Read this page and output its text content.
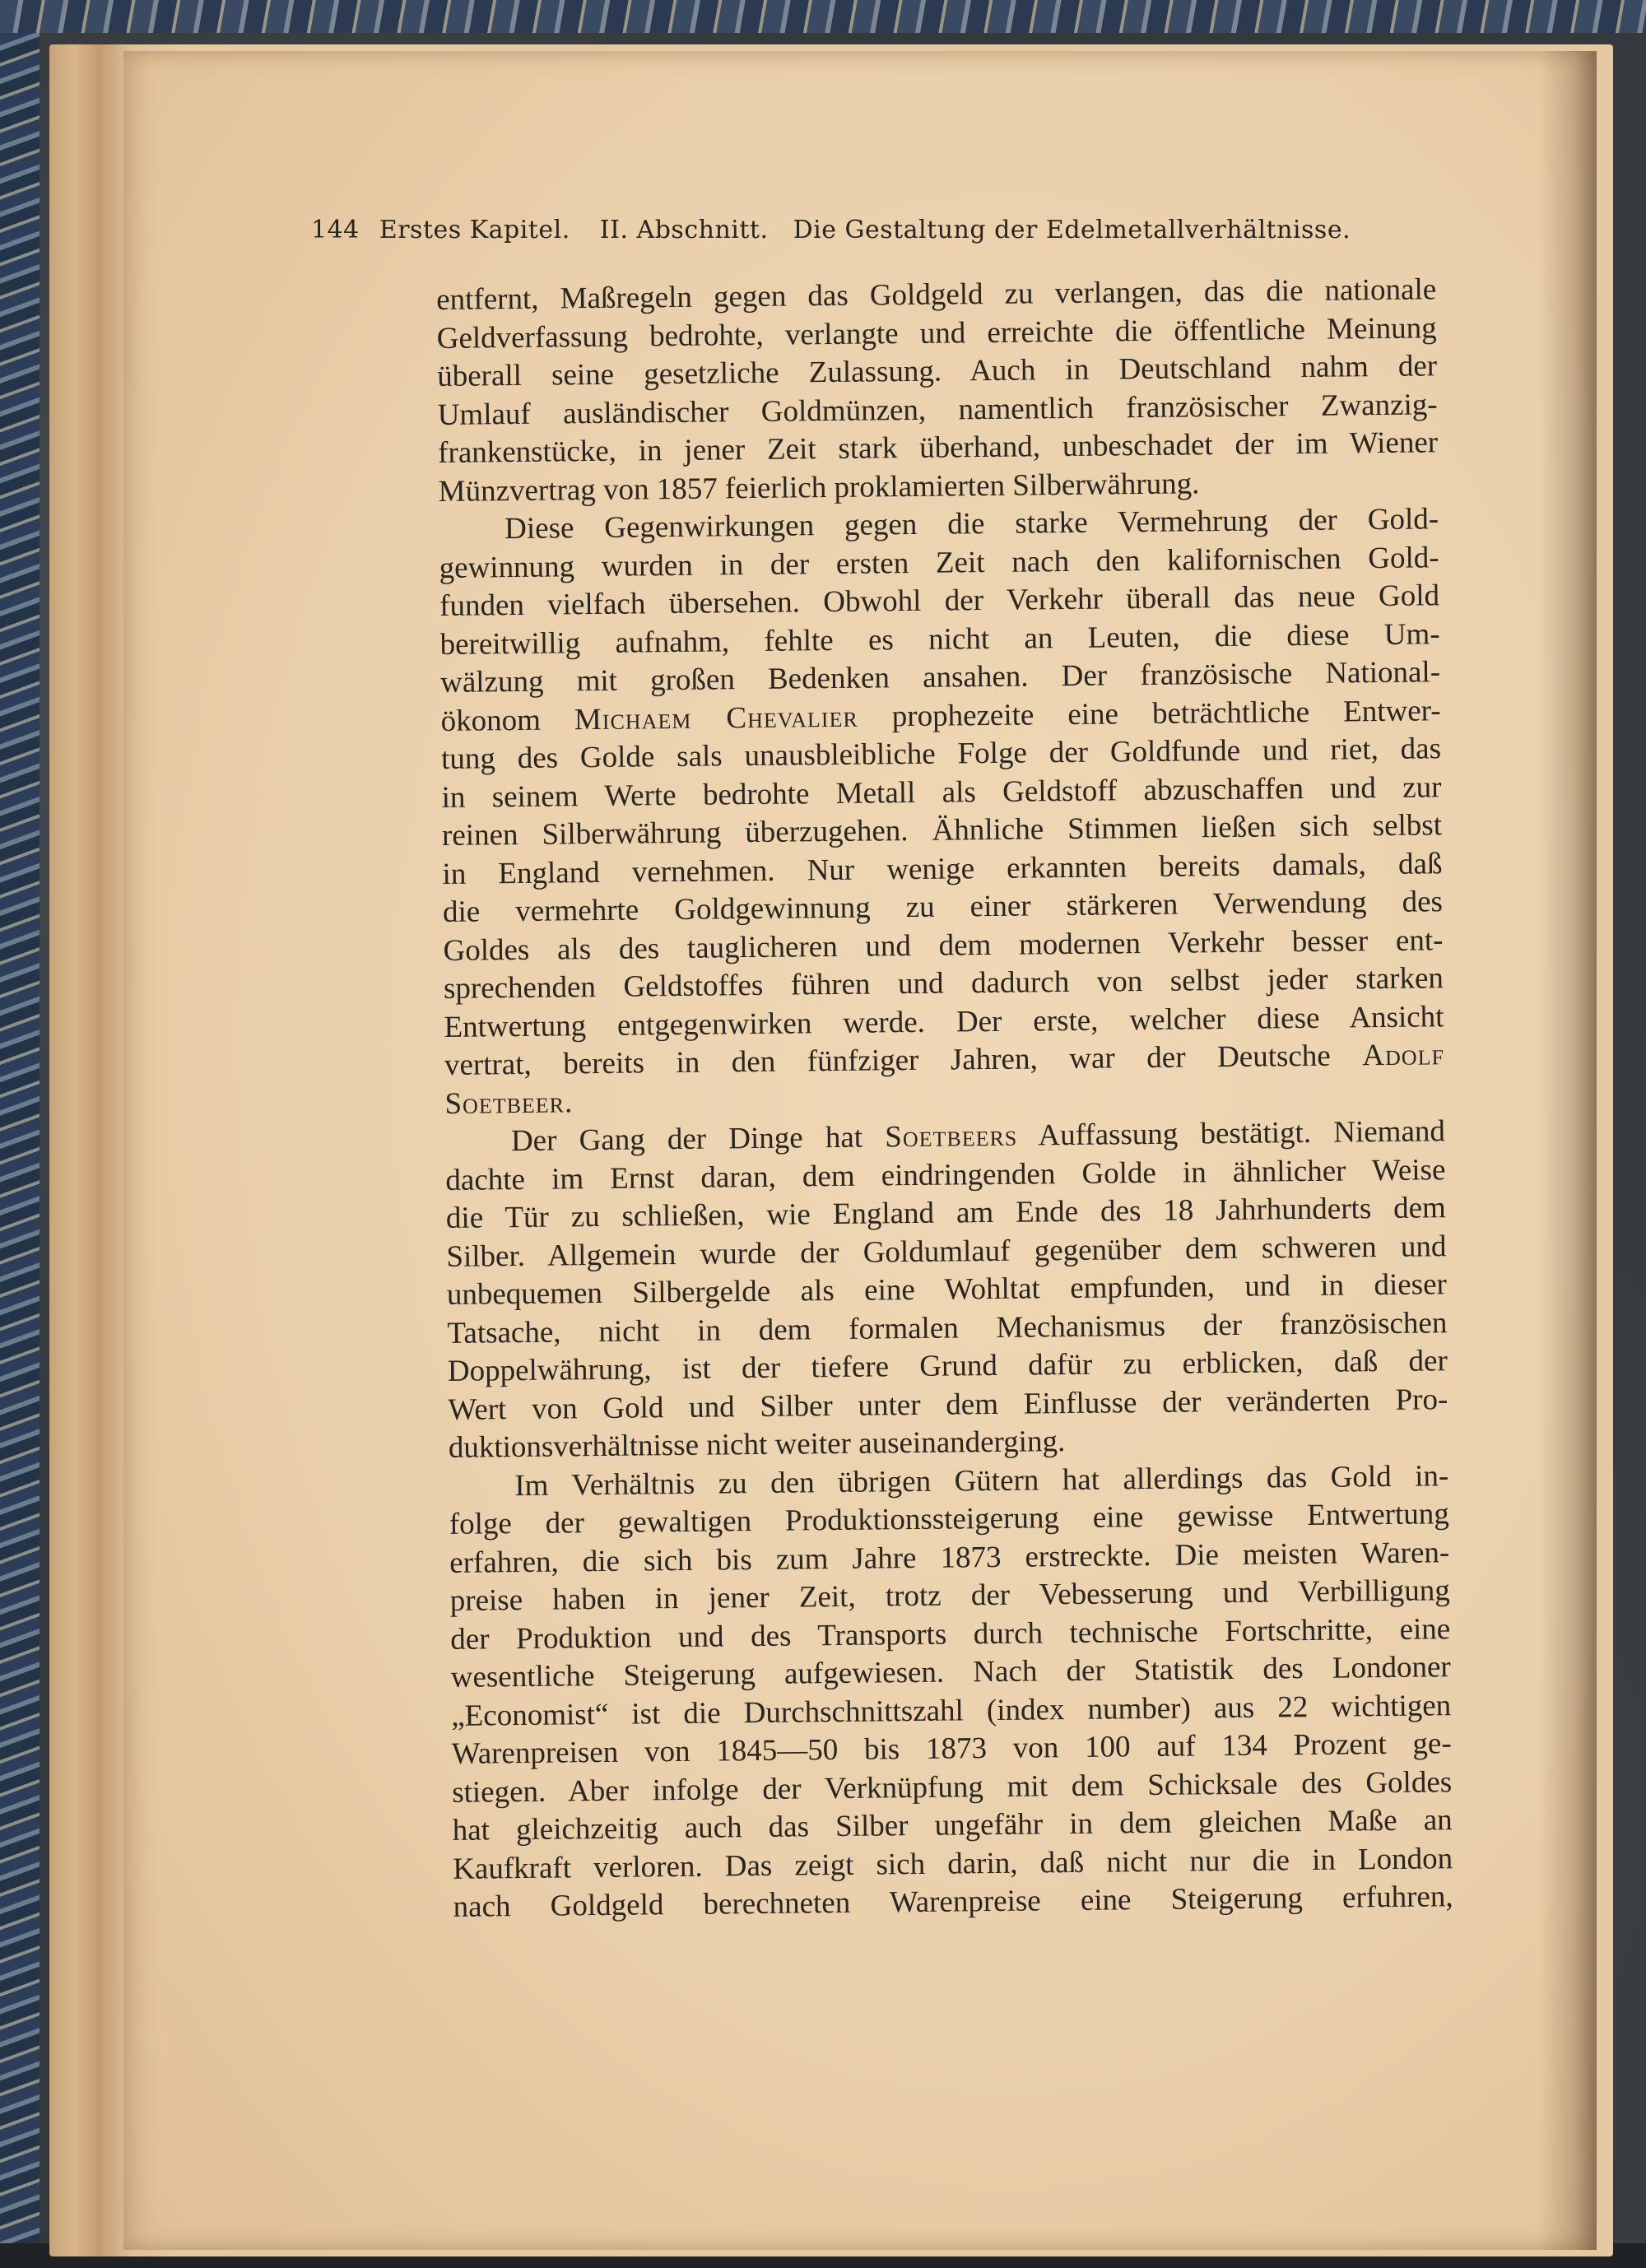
144 Erstes Kapitel. II. Abschnitt. Die Gestaltung der Edelmetallverhältnisse.
entfernt, Maßregeln gegen das Goldgeld zu verlangen, das die nationale
Geldverfassung bedrohte, verlangte und erreichte die öffentliche Meinung
überall seine gesetzliche Zulassung. Auch in Deutschland nahm der
Umlauf ausländischer Goldmünzen, namentlich französischer Zwanzig-
frankenstücke, in jener Zeit stark überhand, unbeschadet der im Wiener
Münzvertrag von 1857 feierlich proklamierten Silberwährung.
Diese Gegenwirkungen gegen die starke Vermehrung der Gold-
gewinnung wurden in der ersten Zeit nach den kalifornischen Gold-
funden vielfach übersehen. Obwohl der Verkehr überall das neue Gold
bereitwillig aufnahm, fehlte es nicht an Leuten, die diese Um-
wälzung mit großen Bedenken ansahen. Der französische National-
ökonom Michaem Chevalier prophezeite eine beträchtliche Entwer-
tung des Golde sals unausbleibliche Folge der Goldfunde und riet, das
in seinem Werte bedrohte Metall als Geldstoff abzuschaffen und zur
reinen Silberwährung überzugehen. Ähnliche Stimmen ließen sich selbst
in England vernehmen. Nur wenige erkannten bereits damals, daß
die vermehrte Goldgewinnung zu einer stärkeren Verwendung des
Goldes als des tauglicheren und dem modernen Verkehr besser ent-
sprechenden Geldstoffes führen und dadurch von selbst jeder starken
Entwertung entgegenwirken werde. Der erste, welcher diese Ansicht
vertrat, bereits in den fünfziger Jahren, war der Deutsche Adolf
Soetbeer.
Der Gang der Dinge hat Soetbeers Auffassung bestätigt. Niemand
dachte im Ernst daran, dem eindringenden Golde in ähnlicher Weise
die Tür zu schließen, wie England am Ende des 18 Jahrhunderts dem
Silber. Allgemein wurde der Goldumlauf gegenüber dem schweren und
unbequemen Silbergelde als eine Wohltat empfunden, und in dieser
Tatsache, nicht in dem formalen Mechanismus der französischen
Doppelwährung, ist der tiefere Grund dafür zu erblicken, daß der
Wert von Gold und Silber unter dem Einflusse der veränderten Pro-
duktionsverhältnisse nicht weiter auseinanderging.
Im Verhältnis zu den übrigen Gütern hat allerdings das Gold in-
folge der gewaltigen Produktionssteigerung eine gewisse Entwertung
erfahren, die sich bis zum Jahre 1873 erstreckte. Die meisten Waren-
preise haben in jener Zeit, trotz der Vebesserung und Verbilligung
der Produktion und des Transports durch technische Fortschritte, eine
wesentliche Steigerung aufgewiesen. Nach der Statistik des Londoner
„Economist“ ist die Durchschnittszahl (index number) aus 22 wichtigen
Warenpreisen von 1845—50 bis 1873 von 100 auf 134 Prozent ge-
stiegen. Aber infolge der Verknüpfung mit dem Schicksale des Goldes
hat gleichzeitig auch das Silber ungefähr in dem gleichen Maße an
Kaufkraft verloren. Das zeigt sich darin, daß nicht nur die in London
nach Goldgeld berechneten Warenpreise eine Steigerung erfuhren,
